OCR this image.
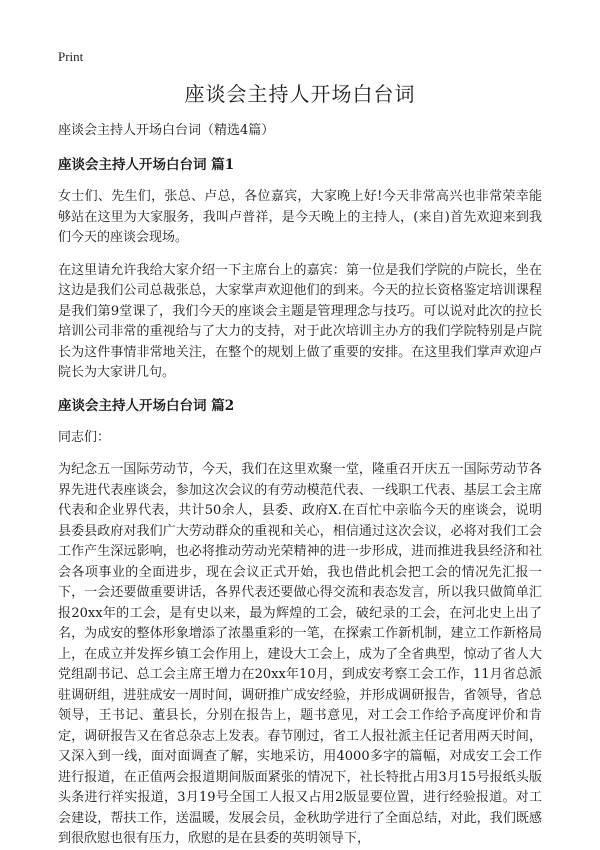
Print
座谈会主持人开场白台词
座谈会主持人开场白台词（精选4篇）
座谈会主持人开场白台词 篇1

女士们、先生们，张总、卢总，各位嘉宾，大家晚上好!今天非常高兴也非常荣幸能够站在这里为大家服务，我叫卢普祥，是今天晚上的主持人，(来自)首先欢迎来到我们今天的座谈会现场。

在这里请允许我给大家介绍一下主席台上的嘉宾：第一位是我们学院的卢院长，坐在这边是我们公司总裁张总，大家掌声欢迎他们的到来。今天的拉长资格鉴定培训课程是我们第9堂课了，我们今天的座谈会主题是管理理念与技巧。可以说对此次的拉长培训公司非常的重视给与了大力的支持，对于此次培训主办方的我们学院特别是卢院长为这件事情非常地关注，在整个的规划上做了重要的安排。在这里我们掌声欢迎卢院长为大家讲几句。

座谈会主持人开场白台词 篇2

同志们：

为纪念五一国际劳动节，今天，我们在这里欢聚一堂，隆重召开庆五一国际劳动节各界先进代表座谈会，参加这次会议的有劳动模范代表、一线职工代表、基层工会主席代表和企业界代表，共计50余人，县委、政府X.在百忙中亲临今天的座谈会，说明县委县政府对我们广大劳动群众的重视和关心，相信通过这次会议，必将对我们工会工作产生深远影响，也必将推动劳动光荣精神的进一步形成，进而推进我县经济和社会各项事业的全面进步，现在会议正式开始，我也借此机会把工会的情况先汇报一下，一会还要做重要讲话，各界代表还要做心得交流和表态发言，所以我只做简单汇报20xx年的工会，是有史以来，最为辉煌的工会，破纪录的工会，在河北史上出了名，为成安的整体形象增添了浓墨重彩的一笔，在探索工作新机制，建立工作新格局上，在成立并发挥乡镇工会作用上，建设大工会上，成为了全省典型，惊动了省人大党组副书记、总工会主席王增力在20xx年10月，到成安考察工会工作，11月省总派驻调研组，进驻成安一周时间，调研推广成安经验，并形成调研报告，省领导，省总领导，王书记、董县长，分别在报告上，题书意见，对工会工作给予高度评价和肯定，调研报告又在省总杂志上发表。春节刚过，省工人报社派主任记者用两天时间，又深入到一线，面对面调查了解，实地采访，用4000多字的篇幅，对成安工会工作进行报道，在正值两会报道期间版面紧张的情况下，社长特批占用3月15号报纸头版头条进行祥实报道，3月19号全国工人报又占用2版显要位置，进行经验报道。对工会建设，帮扶工作，送温暖，发展会员，金秋助学进行了全面总结，对此，我们既感到很欣慰也很有压力，欣慰的是在县委的英明领导下，
